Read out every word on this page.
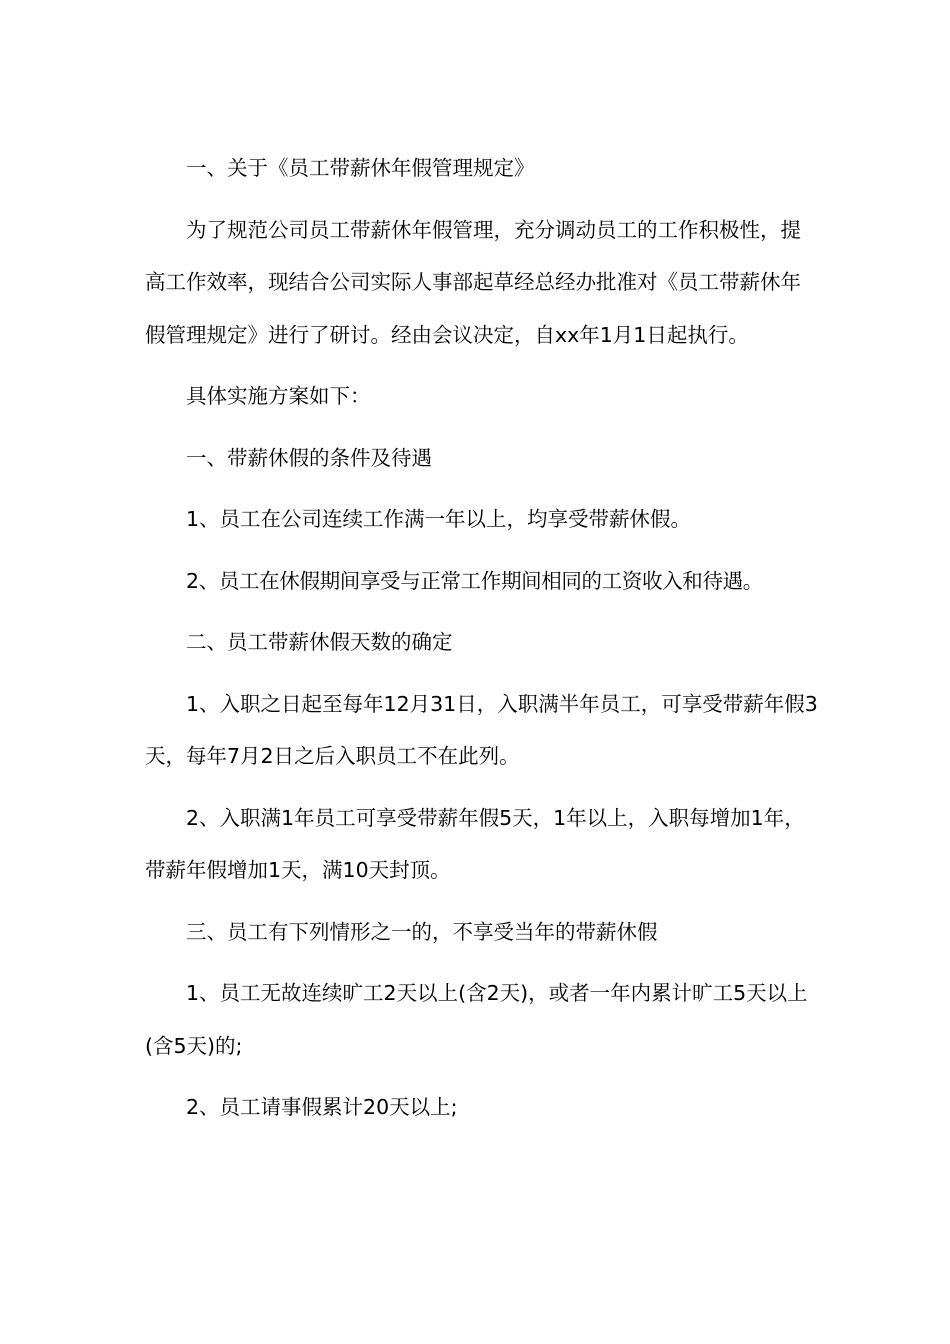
一、关于《员工带薪休年假管理规定》

为了规范公司员工带薪休年假管理，充分调动员工的工作积极性，提高工作效率，现结合公司实际人事部起草经总经办批准对《员工带薪休年假管理规定》进行了研讨。经由会议决定，自xx年1月1日起执行。

具体实施方案如下：

一、带薪休假的条件及待遇

1、员工在公司连续工作满一年以上，均享受带薪休假。

2、员工在休假期间享受与正常工作期间相同的工资收入和待遇。

二、员工带薪休假天数的确定

1、入职之日起至每年12月31日，入职满半年员工，可享受带薪年假3天，每年7月2日之后入职员工不在此列。

2、入职满1年员工可享受带薪年假5天，1年以上，入职每增加1年，带薪年假增加1天，满10天封顶。

三、员工有下列情形之一的，不享受当年的带薪休假

1、员工无故连续旷工2天以上(含2天)，或者一年内累计旷工5天以上(含5天)的;

2、员工请事假累计20天以上;
